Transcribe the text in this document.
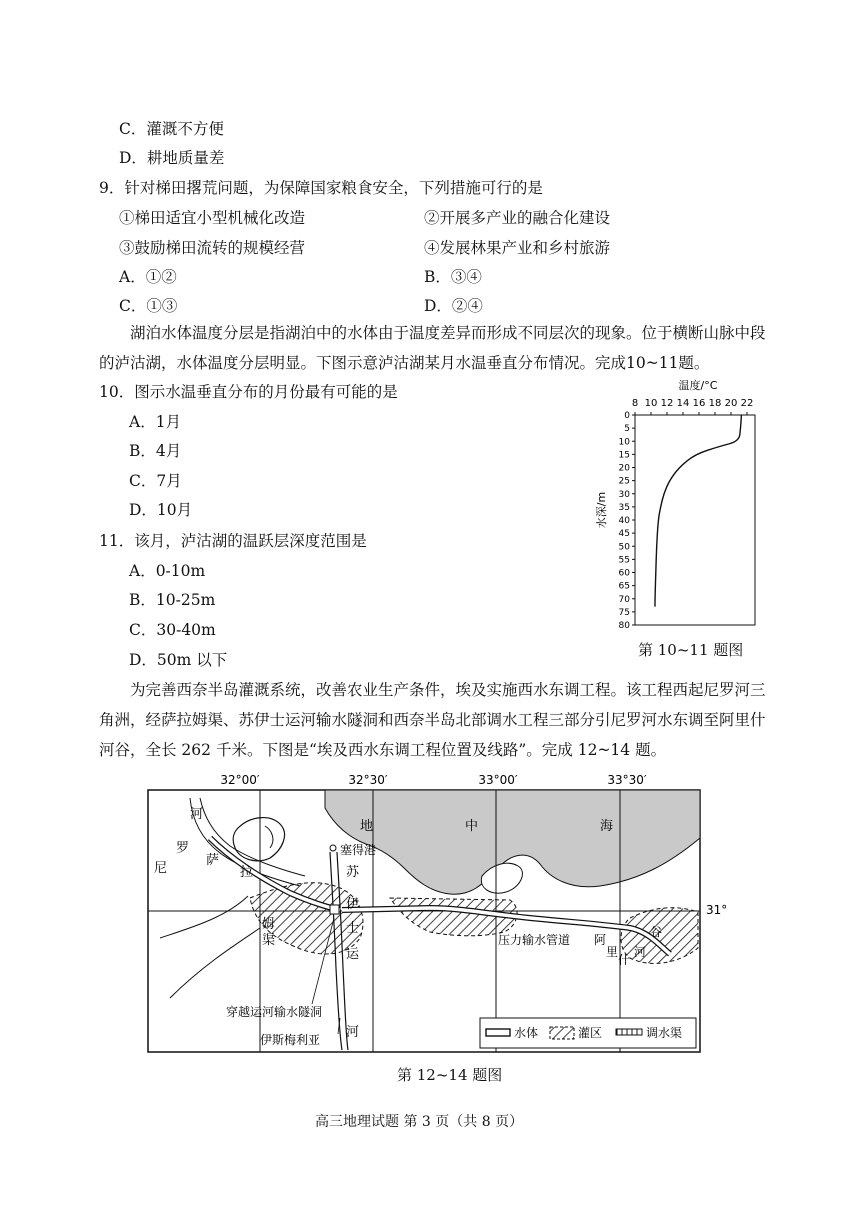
C．灌溉不方便
D．耕地质量差
9．针对梯田撂荒问题，为保障国家粮食安全，下列措施可行的是
①梯田适宜小型机械化改造	②开展多产业的融合化建设
③鼓励梯田流转的规模经营	④发展林果产业和乡村旅游
A．①②	B．③④
C．①③	D．②④
湖泊水体温度分层是指湖泊中的水体由于温度差异而形成不同层次的现象。位于横断山脉中段的泸沽湖，水体温度分层明显。下图示意泸沽湖某月水温垂直分布情况。完成10~11题。
10．图示水温垂直分布的月份最有可能的是
A．1月
B．4月
C．7月
D．10月
11．该月，泸沽湖的温跃层深度范围是
A．0-10m
B．10-25m
C．30-40m
D．50m 以下
温度/°C
8 10 12 14 16 18 20 22
水深/m
0
5
10
15
20
25
30
35
40
45
50
55
60
65
70
75
80
第 10~11 题图
为完善西奈半岛灌溉系统，改善农业生产条件，埃及实施西水东调工程。该工程西起尼罗河三角洲，经萨拉姆渠、苏伊士运河输水隧洞和西奈半岛北部调水工程三部分引尼罗河水东调至阿里什河谷，全长 262 千米。下图是“埃及西水东调工程位置及线路”。完成 12~14 题。
32°00′	32°30′	33°00′	33°30′
地	中	海
塞得港
苏
伊
士
运
河
河
罗
尼
萨
拉
姆
渠	压力输水管道 阿
里
什
河
谷
31°
穿越运河输水隧洞
伊斯梅利亚	水体	灌区	调水渠
第 12~14 题图
高三地理试题 第 3 页（共 8 页）
